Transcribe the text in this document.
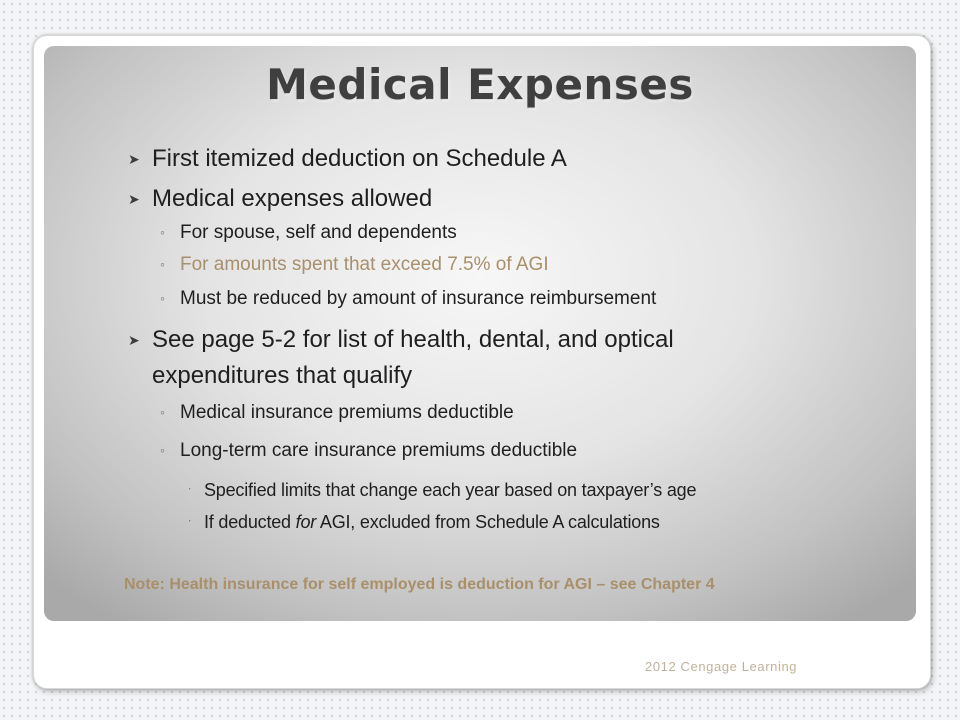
Medical Expenses
➤ First itemized deduction on Schedule A
➤ Medical expenses allowed
◦ For spouse, self and dependents
◦ For amounts spent that exceed 7.5% of AGI
◦ Must be reduced by amount of insurance reimbursement
➤ See page 5-2 for list of health, dental, and optical
expenditures that qualify
◦ Medical insurance premiums deductible
◦ Long-term care insurance premiums deductible
∙ Specified limits that change each year based on taxpayer’s age
∙ If deducted for AGI, excluded from Schedule A calculations
Note: Health insurance for self employed is deduction for AGI – see Chapter 4
2012 Cengage Learning
